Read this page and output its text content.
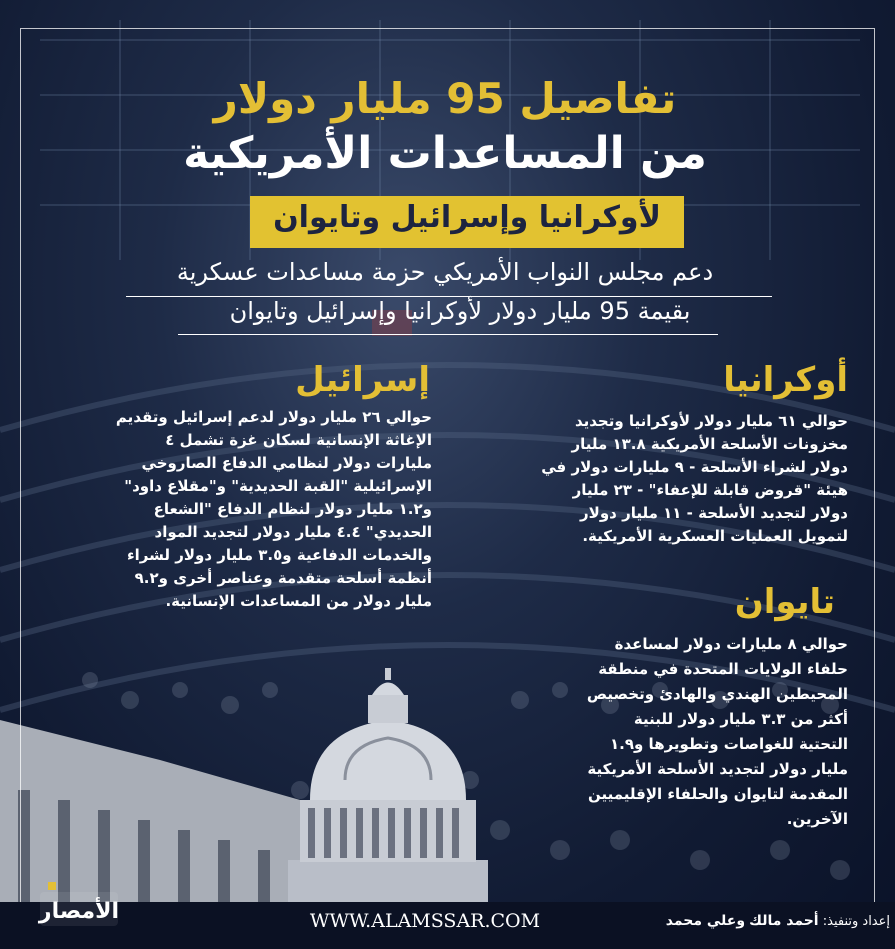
تفاصيل 95 مليار دولار
من المساعدات الأمريكية
لأوكرانيا وإسرائيل وتايوان
دعم مجلس النواب الأمريكي حزمة مساعدات عسكرية
بقيمة 95 مليار دولار لأوكرانيا وإسرائيل وتايوان
إسرائيل
حوالي ٢٦ مليار دولار لدعم إسرائيل وتقديم
الإغاثة الإنسانية لسكان غزة تشمل ٤
مليارات دولار لنظامي الدفاع الصاروخي
الإسرائيلية "القبة الحديدية" و"مقلاع داود"
و١.٢ مليار دولار لنظام الدفاع "الشعاع
الحديدي" ٤.٤ مليار دولار لتجديد المواد
والخدمات الدفاعية و٣.٥ مليار دولار لشراء
أنظمة أسلحة متقدمة وعناصر أخرى و٩.٢
مليار دولار من المساعدات الإنسانية.
أوكرانيا
حوالي ٦١ مليار دولار لأوكرانيا وتجديد
مخزونات الأسلحة الأمريكية ١٣.٨ مليار
دولار لشراء الأسلحة - ٩ مليارات دولار في
هيئة "قروض قابلة للإعفاء" - ٢٣ مليار
دولار لتجديد الأسلحة - ١١ مليار دولار
لتمويل العمليات العسكرية الأمريكية.
تايوان
حوالي ٨ مليارات دولار لمساعدة
حلفاء الولايات المتحدة في منطقة
المحيطين الهندي والهادئ وتخصيص
أكثر من ٣.٣ مليار دولار للبنية
التحتية للغواصات وتطويرها و١.٩
مليار دولار لتجديد الأسلحة الأمريكية
المقدمة لتايوان والحلفاء الإقليميين
الآخرين.
الأمصار	WWW.ALAMSSAR.COM	إعداد وتنفيذ: أحمد مالك وعلي محمد
